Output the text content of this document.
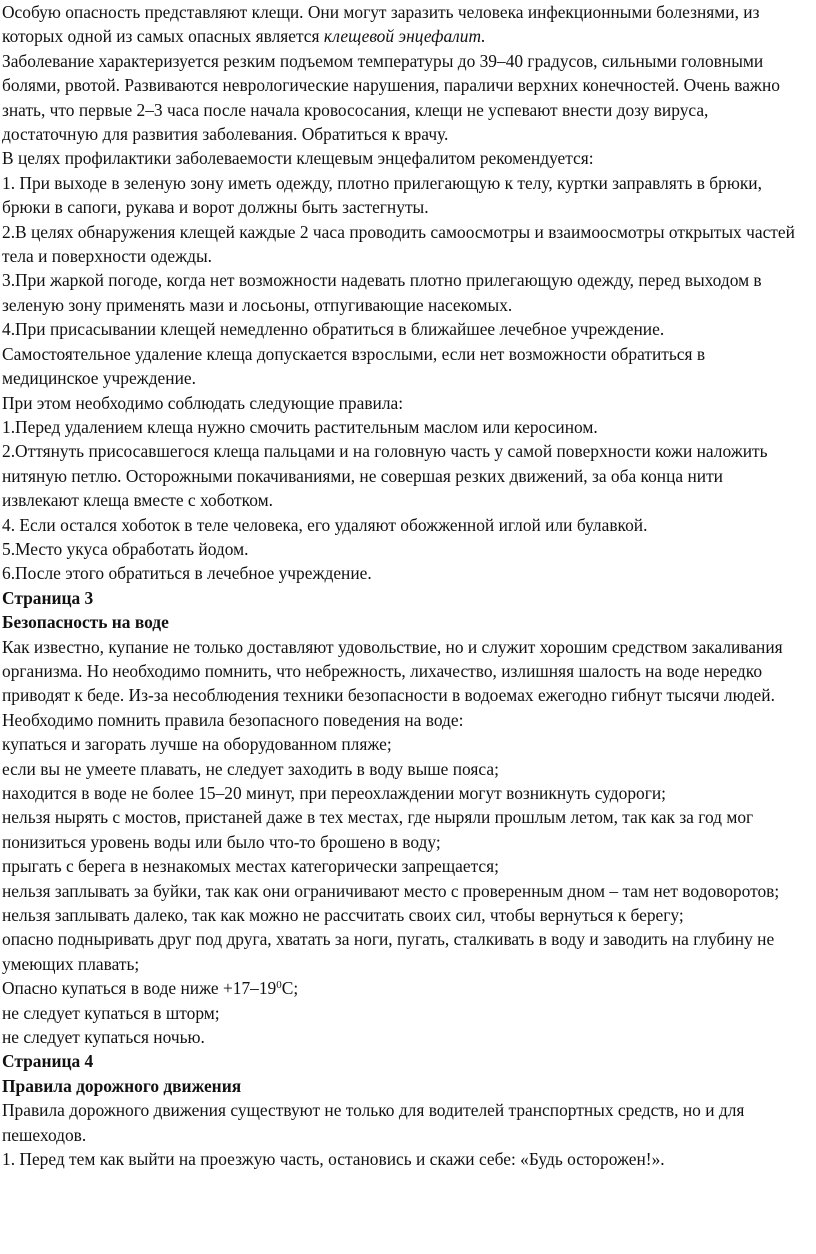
Особую опасность представляют клещи. Они могут заразить человека инфекционными болезнями, из которых одной из самых опасных является клещевой энцефалит.

Заболевание характеризуется резким подъемом температуры до 39–40 градусов, сильными головными болями, рвотой. Развиваются неврологические нарушения, параличи верхних конечностей. Очень важно знать, что первые 2–3 часа после начала кровососания, клещи не успевают внести дозу вируса, достаточную для развития заболевания. Обратиться к врачу.

В целях профилактики заболеваемости клещевым энцефалитом рекомендуется:

1. При выходе в зеленую зону иметь одежду, плотно прилегающую к телу, куртки заправлять в брюки, брюки в сапоги, рукава и ворот должны быть застегнуты.

2.В целях обнаружения клещей каждые 2 часа проводить самоосмотры и взаимоосмотры открытых частей тела и поверхности одежды.

3.При жаркой погоде, когда нет возможности надевать плотно прилегающую одежду, перед выходом в зеленую зону применять мази и лосьоны, отпугивающие насекомых.

4.При присасывании клещей немедленно обратиться в ближайшее лечебное учреждение.

Самостоятельное удаление клеща допускается взрослыми, если нет возможности обратиться в медицинское учреждение.

При этом необходимо соблюдать следующие правила:

1.Перед удалением клеща нужно смочить растительным маслом или керосином.

2.Оттянуть присосавшегося клеща пальцами и на головную часть у самой поверхности кожи наложить нитяную петлю. Осторожными покачиваниями, не совершая резких движений, за оба конца нити извлекают клеща вместе с хоботком.

4. Если остался хоботок в теле человека, его удаляют обожженной иглой или булавкой.

5.Место укуса обработать йодом.

6.После этого обратиться в лечебное учреждение.

Страница 3

Безопасность на воде

Как известно, купание не только доставляют удовольствие, но и служит хорошим средством закаливания организма. Но необходимо помнить, что небрежность, лихачество, излишняя шалость на воде нередко приводят к беде. Из-за несоблюдения техники безопасности в водоемах ежегодно гибнут тысячи людей.

Необходимо помнить правила безопасного поведения на воде:

купаться и загорать лучше на оборудованном пляже;

если вы не умеете плавать, не следует заходить в воду выше пояса;

находится в воде не более 15–20 минут, при переохлаждении могут возникнуть судороги;

нельзя нырять с мостов, пристаней даже в тех местах, где ныряли прошлым летом, так как за год мог понизиться уровень воды или было что-то брошено в воду;

прыгать с берега в незнакомых местах категорически запрещается;

нельзя заплывать за буйки, так как они ограничивают место с проверенным дном – там нет водоворотов;

нельзя заплывать далеко, так как можно не рассчитать своих сил, чтобы вернуться к берегу;

опасно подныривать друг под друга, хватать за ноги, пугать, сталкивать в воду и заводить на глубину не умеющих плавать;

Опасно купаться в воде ниже $+17-19^0С$;

не следует купаться в шторм;

не следует купаться ночью.

Страница 4

Правила дорожного движения

Правила дорожного движения существуют не только для водителей транспортных средств, но и для пешеходов.

1. Перед тем как выйти на проезжую часть, остановись и скажи себе: «Будь осторожен!».
